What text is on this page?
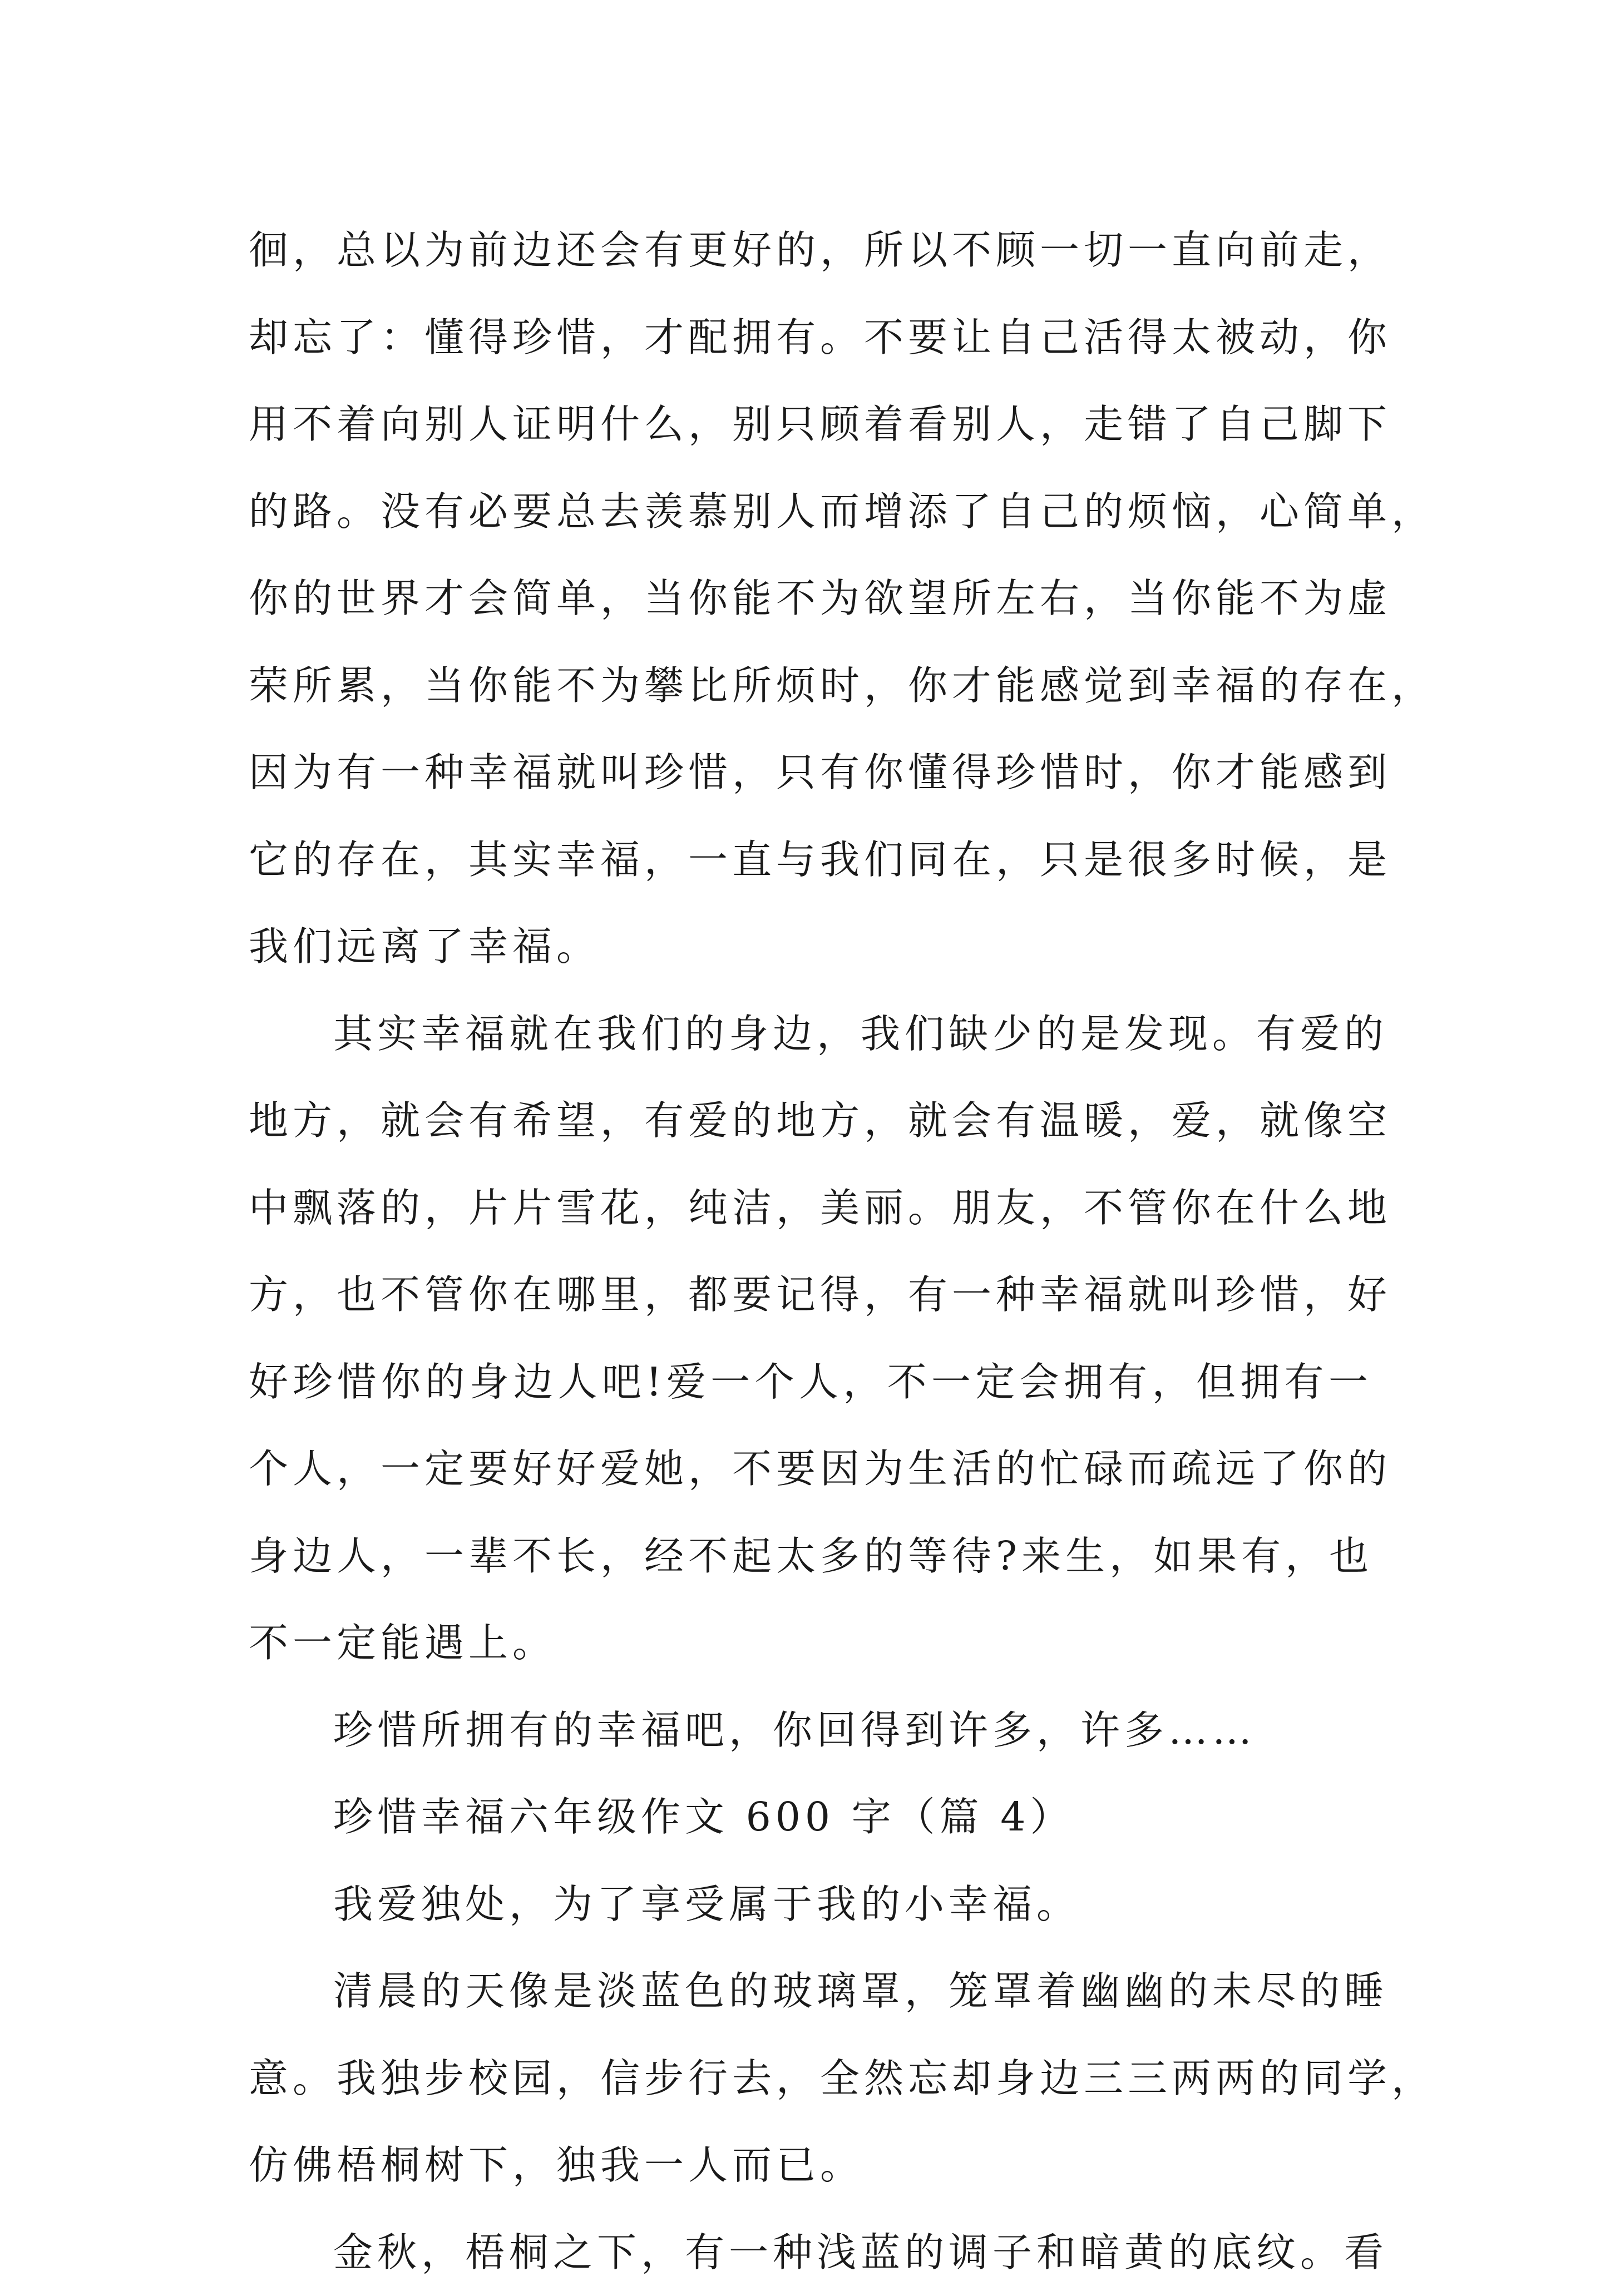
徊，总以为前边还会有更好的，所以不顾一切一直向前走，
却忘了：懂得珍惜，才配拥有。不要让自己活得太被动，你
用不着向别人证明什么，别只顾着看别人，走错了自己脚下
的路。没有必要总去羡慕别人而增添了自己的烦恼，心简单，
你的世界才会简单，当你能不为欲望所左右，当你能不为虚
荣所累，当你能不为攀比所烦时，你才能感觉到幸福的存在，
因为有一种幸福就叫珍惜，只有你懂得珍惜时，你才能感到
它的存在，其实幸福，一直与我们同在，只是很多时候，是
我们远离了幸福。
其实幸福就在我们的身边，我们缺少的是发现。有爱的
地方，就会有希望，有爱的地方，就会有温暖，爱，就像空
中飘落的，片片雪花，纯洁，美丽。朋友，不管你在什么地
方，也不管你在哪里，都要记得，有一种幸福就叫珍惜，好
好珍惜你的身边人吧!爱一个人，不一定会拥有，但拥有一
个人，一定要好好爱她，不要因为生活的忙碌而疏远了你的
身边人，一辈不长，经不起太多的等待?来生，如果有，也
不一定能遇上。
珍惜所拥有的幸福吧，你回得到许多，许多……
珍惜幸福六年级作文 600 字（篇 4）
我爱独处，为了享受属于我的小幸福。
清晨的天像是淡蓝色的玻璃罩，笼罩着幽幽的未尽的睡
意。我独步校园，信步行去，全然忘却身边三三两两的同学，
仿佛梧桐树下，独我一人而已。
金秋，梧桐之下，有一种浅蓝的调子和暗黄的底纹。看
